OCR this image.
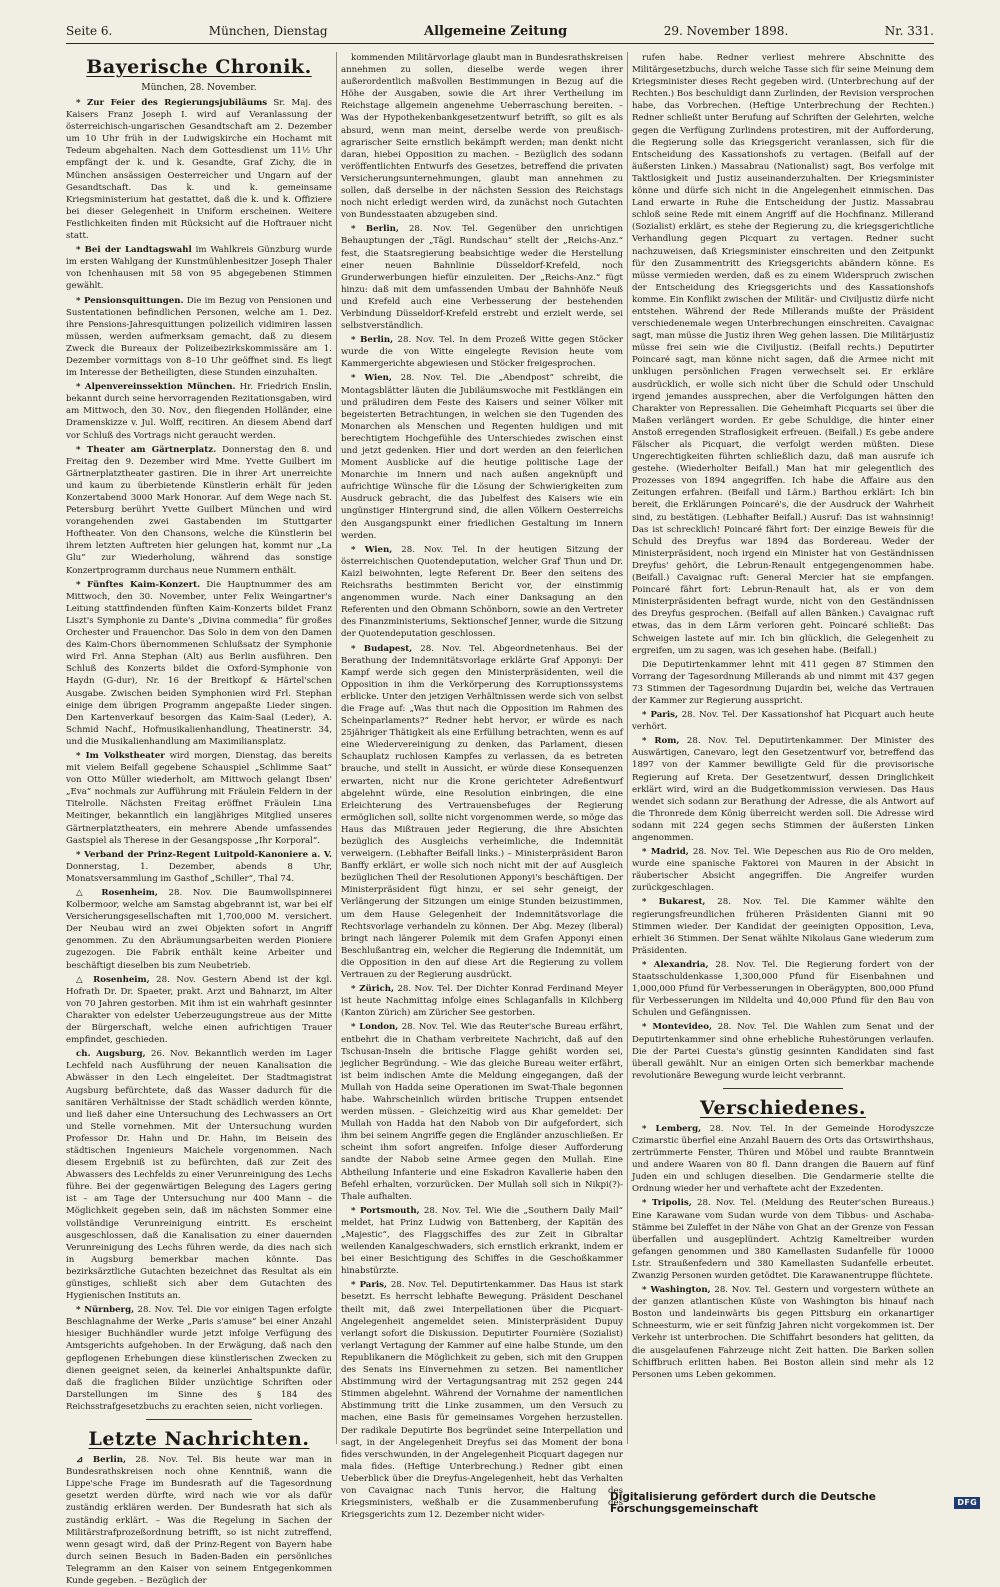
Seite 6.	München, Dienstag	Allgemeine Zeitung	29. November 1898.	Nr. 331.
Bayerische Chronik.
München, 28. November.

* Zur Feier des Regierungsjubiläums Sr. Maj. des Kaisers Franz Joseph I. wird auf Veranlassung der österreichisch-ungarischen Gesandtschaft am 2. Dezember um 10 Uhr früh in der Ludwigskirche ein Hochamt mit Tedeum abgehalten. Nach dem Gottesdienst um 11½ Uhr empfängt der k. und k. Gesandte, Graf Zichy, die in München ansässigen Oesterreicher und Ungarn auf der Gesandtschaft. Das k. und k. gemeinsame Kriegsministerium hat gestattet, daß die k. und k. Offiziere bei dieser Gelegenheit in Uniform erscheinen. Weitere Festlichkeiten finden mit Rücksicht auf die Hoftrauer nicht statt.

* Bei der Landtagswahl im Wahlkreis Günzburg wurde im ersten Wahlgang der Kunstmühlenbesitzer Joseph Thaler von Ichenhausen mit 58 von 95 abgegebenen Stimmen gewählt.

* Pensionsquittungen. Die im Bezug von Pensionen und Sustentationen befindlichen Personen, welche am 1. Dez. ihre Pensions-Jahresquittungen polizeilich vidimiren lassen müssen, werden aufmerksam gemacht, daß zu diesem Zweck die Bureaux der Polizeibezirkskommissäre am 1. Dezember vormittags von 8–10 Uhr geöffnet sind. Es liegt im Interesse der Betheiligten, diese Stunden einzuhalten.

* Alpenvereinssektion München. Hr. Friedrich Enslin, bekannt durch seine hervorragenden Rezitationsgaben, wird am Mittwoch, den 30. Nov., den fliegenden Holländer, eine Dramenskizze v. Jul. Wolff, recitiren. An diesem Abend darf vor Schluß des Vortrags nicht geraucht werden.

* Theater am Gärtnerplatz. Donnerstag den 8. und Freitag den 9. Dezember wird Mme. Yvette Guilbert im Gärtnerplatztheater gastiren. Die in ihrer Art unerreichte und kaum zu überbietende Künstlerin erhält für jeden Konzertabend 3000 Mark Honorar. Auf dem Wege nach St. Petersburg berührt Yvette Guilbert München und wird vorangehenden zwei Gastabenden im Stuttgarter Hoftheater. Von den Chansons, welche die Künstlerin bei ihrem letzten Auftreten hier gelungen hat, kommt nur „La Glu“ zur Wiederholung, während das sonstige Konzertprogramm durchaus neue Nummern enthält.

* Fünftes Kaim-Konzert. Die Hauptnummer des am Mittwoch, den 30. November, unter Felix Weingartner's Leitung stattfindenden fünften Kaim-Konzerts bildet Franz Liszt's Symphonie zu Dante's „Divina commedia“ für großes Orchester und Frauenchor. Das Solo in dem von den Damen des Kaim-Chors übernommenen Schlußsatz der Symphonie wird Frl. Anna Stephan (Alt) aus Berlin ausführen. Den Schluß des Konzerts bildet die Oxford-Symphonie von Haydn (G-dur), Nr. 16 der Breitkopf & Härtel'schen Ausgabe. Zwischen beiden Symphonien wird Frl. Stephan einige dem übrigen Programm angepaßte Lieder singen. Den Kartenverkauf besorgen das Kaim-Saal (Leder), A. Schmid Nachf., Hofmusikalienhandlung, Theatinerstr. 34, und die Musikalienhandlung am Maximiliansplatz.

* Im Volkstheater wird morgen, Dienstag, das bereits mit vielem Beifall gegebene Schauspiel „Schlimme Saat“ von Otto Müller wiederholt, am Mittwoch gelangt Ibsen' „Eva“ nochmals zur Aufführung mit Fräulein Feldern in der Titelrolle. Nächsten Freitag eröffnet Fräulein Lina Meitinger, bekanntlich ein langjähriges Mitglied unseres Gärtnerplatztheaters, ein mehrere Abende umfassendes Gastspiel als Therese in der Gesangsposse „Ihr Korporal“.

* Verband der Prinz-Regent Luitpold-Kanoniere a. V. Donnerstag, 1. Dezember, abends 8 Uhr, Monatsversammlung im Gasthof „Schiller“, Thal 74.

△ Rosenheim, 28. Nov. Die Baumwollspinnerei Kolbermoor, welche am Samstag abgebrannt ist, war bei elf Versicherungsgesellschaften mit 1,700,000 M. versichert. Der Neubau wird an zwei Objekten sofort in Angriff genommen. Zu den Abräumungsarbeiten werden Pioniere zugezogen. Die Fabrik enthält keine Arbeiter und beschäftigt dieselben bis zum Neubetrieb.

△ Rosenheim, 28. Nov. Gestern Abend ist der kgl. Hofrath Dr. Dr. Spaeter, prakt. Arzt und Bahnarzt, im Alter von 70 Jahren gestorben. Mit ihm ist ein wahrhaft gesinnter Charakter von edelster Ueberzeugungstreue aus der Mitte der Bürgerschaft, welche einen aufrichtigen Trauer empfindet, geschieden.

ch. Augsburg, 26. Nov. Bekanntlich werden im Lager Lechfeld nach Ausführung der neuen Kanalisation die Abwässer in den Lech eingeleitet. Der Stadtmagistrat Augsburg befürchtete, daß das Wasser dadurch für die sanitären Verhältnisse der Stadt schädlich werden könnte, und ließ daher eine Untersuchung des Lechwassers an Ort und Stelle vornehmen. Mit der Untersuchung wurden Professor Dr. Hahn und Dr. Hahn, im Beisein des städtischen Ingenieurs Maichele vorgenommen. Nach diesem Ergebniß ist zu befürchten, daß zur Zeit des Abwassers des Lechfelds zu einer Verunreinigung des Lechs führe. Bei der gegenwärtigen Belegung des Lagers gering ist – am Tage der Untersuchung nur 400 Mann – die Möglichkeit gegeben sein, daß im nächsten Sommer eine vollständige Verunreinigung eintritt. Es erscheint ausgeschlossen, daß die Kanalisation zu einer dauernden Verunreinigung des Lechs führen werde, da dies nach sich in Augsburg bemerkbar machen könnte. Das bezirksärztliche Gutachten bezeichnet das Resultat als ein günstiges, schließt sich aber dem Gutachten des Hygienischen Instituts an.

* Nürnberg, 28. Nov. Tel. Die vor einigen Tagen erfolgte Beschlagnahme der Werke „Paris s'amuse“ bei einer Anzahl hiesiger Buchhändler wurde jetzt infolge Verfügung des Amtsgerichts aufgehoben. In der Erwägung, daß nach den gepflogenen Erhebungen diese künstlerischen Zwecken zu dienen geeignet seien, da keinerlei Anhaltspunkte dafür, daß die fraglichen Bilder unzüchtige Schriften oder Darstellungen im Sinne des § 184 des Reichsstrafgesetzbuchs zu erachten seien, nicht vorliegen.

Letzte Nachrichten.

⊿ Berlin, 28. Nov. Tel. Bis heute war man in Bundesrathskreisen noch ohne Kenntniß, wann die Lippe'sche Frage im Bundesrath auf die Tagesordnung gesetzt werden dürfte, wird nach wie vor als dafür zuständig erklären werden. Der Bundesrath hat sich als zuständig erklärt. – Was die Regelung in Sachen der Militärstrafprozeßordnung betrifft, so ist nicht zutreffend, wenn gesagt wird, daß der Prinz-Regent von Bayern habe durch seinen Besuch in Baden-Baden ein persönliches Telegramm an den Kaiser von seinem Entgegenkommen Kunde gegeben. – Bezüglich der

kommenden Militärvorlage glaubt man in Bundesrathskreisen annehmen zu sollen, dieselbe werde wegen ihrer außerordentlich maßvollen Bestimmungen in Bezug auf die Höhe der Ausgaben, sowie die Art ihrer Vertheilung im Reichstage allgemein angenehme Ueberraschung bereiten. – Was der Hypothekenbankgesetzentwurf betrifft, so gilt es als absurd, wenn man meint, derselbe werde von preußisch-agrarischer Seite ernstlich bekämpft werden; man denkt nicht daran, hiebei Opposition zu machen. – Bezüglich des sodann veröffentlichten Entwurfs des Gesetzes, betreffend die privaten Versicherungsunternehmungen, glaubt man annehmen zu sollen, daß derselbe in der nächsten Session des Reichstags noch nicht erledigt werden wird, da zunächst noch Gutachten von Bundesstaaten abzugeben sind.

* Berlin, 28. Nov. Tel. Gegenüber den unrichtigen Behauptungen der „Tägl. Rundschau“ stellt der „Reichs-Anz.“ fest, die Staatsregierung beabsichtige weder die Herstellung einer neuen Bahnlinie Düsseldorf-Krefeld, noch Grunderwerbungen hiefür einzuleiten. Der „Reichs-Anz.“ fügt hinzu: daß mit dem umfassenden Umbau der Bahnhöfe Neuß und Krefeld auch eine Verbesserung der bestehenden Verbindung Düsseldorf-Krefeld erstrebt und erzielt werde, sei selbstverständlich.

* Berlin, 28. Nov. Tel. In dem Prozeß Witte gegen Stöcker wurde die von Witte eingelegte Revision heute vom Kammergerichte abgewiesen und Stöcker freigesprochen.

* Wien, 28. Nov. Tel. Die „Abendpost“ schreibt, die Montagsblätter läuten die Jubiläumswoche mit Festklängen ein und präludiren dem Feste des Kaisers und seiner Völker mit begeisterten Betrachtungen, in welchen sie den Tugenden des Monarchen als Menschen und Regenten huldigen und mit berechtigtem Hochgefühle des Unterschiedes zwischen einst und jetzt gedenken. Hier und dort werden an den feierlichen Moment Ausblicke auf die heutige politische Lage der Monarchie im Innern und nach außen angeknüpft und aufrichtige Wünsche für die Lösung der Schwierigkeiten zum Ausdruck gebracht, die das Jubelfest des Kaisers wie ein ungünstiger Hintergrund sind, die allen Völkern Oesterreichs den Ausgangspunkt einer friedlichen Gestaltung im Innern werden.

* Wien, 28. Nov. Tel. In der heutigen Sitzung der österreichischen Quotendeputation, welcher Graf Thun und Dr. Kaizl beiwohnten, legte Referent Dr. Beer den seitens des Reichsraths bestimmten Bericht vor, der einstimmig angenommen wurde. Nach einer Danksagung an den Referenten und den Obmann Schönborn, sowie an den Vertreter des Finanzministeriums, Sektionschef Jenner, wurde die Sitzung der Quotendeputation geschlossen.

* Budapest, 28. Nov. Tel. Abgeordnetenhaus. Bei der Berathung der Indemnitätsvorlage erklärte Graf Apponyi: Der Kampf werde sich gegen den Ministerpräsidenten, weil die Opposition in ihm die Verkörperung des Korruptionssystems erblicke. Unter den jetzigen Verhältnissen werde sich von selbst die Frage auf: „Was thut nach die Opposition im Rahmen des Scheinparlaments?“ Redner hebt hervor, er würde es nach 25jähriger Thätigkeit als eine Erfüllung betrachten, wenn es auf eine Wiedervereinigung zu denken, das Parlament, diesen Schauplatz ruchlosen Kampfes zu verlassen, da es betreten brauche, und stellt in Aussicht, er würde diese Konsequenzen erwarten, nicht nur die Krone gerichteter Adreßentwurf abgelehnt würde, eine Resolution einbringen, die eine Erleichterung des Vertrauensbefuges der Regierung ermöglichen soll, sollte nicht vorgenommen werde, so möge das Haus das Mißtrauen jeder Regierung, die ihre Absichten bezüglich des Ausgleichs verheimliche, die Indemnität verweigern. (Lebhafter Beifall links.) – Ministerpräsident Baron Banffy erklärt, er wolle sich noch nicht mit der auf Ausgleich bezüglichen Theil der Resolutionen Apponyi's beschäftigen. Der Ministerpräsident fügt hinzu, er sei sehr geneigt, der Verlängerung der Sitzungen um einige Stunden beizustimmen, um dem Hause Gelegenheit der Indemnitätsvorlage die Rechtsvorlage verhandeln zu können. Der Abg. Mezey (liberal) bringt nach längerer Polemik mit dem Grafen Apponyi einen Beschlußantrag ein, welcher die Regierung die Indemnität, um die Opposition in den auf diese Art die Regierung zu vollem Vertrauen zu der Regierung ausdrückt.

* Zürich, 28. Nov. Tel. Der Dichter Konrad Ferdinand Meyer ist heute Nachmittag infolge eines Schlaganfalls in Kilchberg (Kanton Zürich) am Züricher See gestorben.

* London, 28. Nov. Tel. Wie das Reuter'sche Bureau erfährt, entbehrt die in Chatham verbreitete Nachricht, daß auf den Tschusan-Inseln die britische Flagge gehißt worden sei, jeglicher Begründung. – Wie das gleiche Bureau weiter erfährt, ist beim indischen Amte die Meldung eingegangen, daß der Mullah von Hadda seine Operationen im Swat-Thale begonnen habe. Wahrscheinlich würden britische Truppen entsendet werden müssen. – Gleichzeitig wird aus Khar gemeldet: Der Mullah von Hadda hat den Nabob von Dir aufgefordert, sich ihm bei seinem Angriffe gegen die Engländer anzuschließen. Er scheint ihm sofort angreifen. Infolge dieser Aufforderung sandte der Nabob seine Armee gegen den Mullah. Eine Abtheilung Infanterie und eine Eskadron Kavallerie haben den Befehl erhalten, vorzurücken. Der Mullah soll sich in Nikpi(?)-Thale aufhalten.

* Portsmouth, 28. Nov. Tel. Wie die „Southern Daily Mail“ meldet, hat Prinz Ludwig von Battenberg, der Kapitän des „Majestic“, des Flaggschiffes des zur Zeit in Gibraltar weilenden Kanalgeschwaders, sich ernstlich erkrankt, indem er bei einer Besichtigung des Schiffes in die Geschoßkammer hinabstürzte.

* Paris, 28. Nov. Tel. Deputirtenkammer. Das Haus ist stark besetzt. Es herrscht lebhafte Bewegung. Präsident Deschanel theilt mit, daß zwei Interpellationen über die Picquart-Angelegenheit angemeldet seien. Ministerpräsident Dupuy verlangt sofort die Diskussion. Deputirter Fournière (Sozialist) verlangt Vertagung der Kammer auf eine halbe Stunde, um den Republikanern die Möglichkeit zu geben, sich mit den Gruppen des Senats ins Einvernehmen zu setzen. Bei namentlicher Abstimmung wird der Vertagungsantrag mit 252 gegen 244 Stimmen abgelehnt. Während der Vornahme der namentlichen Abstimmung tritt die Linke zusammen, um den Versuch zu machen, eine Basis für gemeinsames Vorgehen herzustellen. Der radikale Deputirte Bos begründet seine Interpellation und sagt, in der Angelegenheit Dreyfus sei das Moment der bona fides verschwunden, in der Angelegenheit Picquart dagegen nur mala fides. (Heftige Unterbrechung.) Redner gibt einen Ueberblick über die Dreyfus-Angelegenheit, hebt das Verhalten von Cavaignac nach Tunis hervor, die Haltung des Kriegsministers, weßhalb er die Zusammenberufung des Kriegsgerichts zum 12. Dezember nicht wider-

rufen habe. Redner verliest mehrere Abschnitte des Militärgesetzbuchs, durch welche Tasse sich für seine Meinung dem Kriegsminister dieses Recht gegeben wird. (Unterbrechung auf der Rechten.) Bos beschuldigt dann Zurlinden, der Revision versprochen habe, das Vorbrechen. (Heftige Unterbrechung der Rechten.) Redner schließt unter Berufung auf Schriften der Gelehrten, welche gegen die Verfügung Zurlindens protestiren, mit der Aufforderung, die Regierung solle das Kriegsgericht veranlassen, sich für die Entscheidung des Kassationshofs zu vertagen. (Beifall auf der äußersten Linken.) Massabrau (Nationalist) sagt, Bos verfolge mit Taktlosigkeit und Justiz auseinanderzuhalten. Der Kriegsminister könne und dürfe sich nicht in die Angelegenheit einmischen. Das Land erwarte in Ruhe die Entscheidung der Justiz. Massabrau schloß seine Rede mit einem Angriff auf die Hochfinanz. Millerand (Sozialist) erklärt, es stehe der Regierung zu, die kriegsgerichtliche Verhandlung gegen Picquart zu vertagen. Redner sucht nachzuweisen, daß Kriegsminister einschreiten und den Zeitpunkt für den Zusammentritt des Kriegsgerichts abändern könne. Es müsse vermieden werden, daß es zu einem Widerspruch zwischen der Entscheidung des Kriegsgerichts und des Kassationshofs komme. Ein Konflikt zwischen der Militär- und Civiljustiz dürfe nicht entstehen. Während der Rede Millerands mußte der Präsident verschiedenemale wegen Unterbrechungen einschreiten. Cavaignac sagt, man müsse die Justiz ihren Weg gehen lassen. Die Militärjustiz müsse frei sein wie die Civiljustiz. (Beifall rechts.) Deputirter Poincaré sagt, man könne nicht sagen, daß die Armee nicht mit unklugen persönlichen Fragen verwechselt sei. Er erkläre ausdrücklich, er wolle sich nicht über die Schuld oder Unschuld irgend jemandes aussprechen, aber die Verfolgungen hätten den Charakter von Repressalien. Die Geheimhaft Picquarts sei über die Maßen verlängert worden. Er gebe Schuldige, die hinter einer Anstoß erregenden Straflosigkeit erfreuen. (Beifall.) Es gebe andere Fälscher als Picquart, die verfolgt werden müßten. Diese Ungerechtigkeiten führten schließlich dazu, daß man ausrufe ich gestehe. (Wiederholter Beifall.) Man hat mir gelegentlich des Prozesses von 1894 angegriffen. Ich habe die Affaire aus den Zeitungen erfahren. (Beifall und Lärm.) Barthou erklärt: Ich bin bereit, die Erklärungen Poincaré's, die der Ausdruck der Wahrheit sind, zu bestätigen. (Lebhafter Beifall.) Ausruf: Das ist wahnsinnig! Das ist schrecklich! Poincaré fährt fort: Der einzige Beweis für die Schuld des Dreyfus war 1894 das Bordereau. Weder der Ministerpräsident, noch irgend ein Minister hat von Geständnissen Dreyfus' gehört, die Lebrun-Renault entgegengenommen habe. (Beifall.) Cavaignac ruft: General Mercier hat sie empfangen. Poincaré fährt fort: Lebrun-Renault hat, als er von dem Ministerpräsidenten befragt wurde, nicht von den Geständnissen des Dreyfus gesprochen. (Beifall auf allen Bänken.) Cavaignac ruft etwas, das in dem Lärm verloren geht. Poincaré schließt: Das Schweigen lastete auf mir. Ich bin glücklich, die Gelegenheit zu ergreifen, um zu sagen, was ich gesehen habe. (Beifall.)

Die Deputirtenkammer lehnt mit 411 gegen 87 Stimmen den Vorrang der Tagesordnung Millerands ab und nimmt mit 437 gegen 73 Stimmen der Tagesordnung Dujardin bei, welche das Vertrauen der Kammer zur Regierung ausspricht.

* Paris, 28. Nov. Tel. Der Kassationshof hat Picquart auch heute verhört.

* Rom, 28. Nov. Tel. Deputirtenkammer. Der Minister des Auswärtigen, Canevaro, legt den Gesetzentwurf vor, betreffend das 1897 von der Kammer bewilligte Geld für die provisorische Regierung auf Kreta. Der Gesetzentwurf, dessen Dringlichkeit erklärt wird, wird an die Budgetkommission verwiesen. Das Haus wendet sich sodann zur Berathung der Adresse, die als Antwort auf die Thronrede dem König überreicht werden soll. Die Adresse wird sodann mit 224 gegen sechs Stimmen der äußersten Linken angenommen.

* Madrid, 28. Nov. Tel. Wie Depeschen aus Rio de Oro melden, wurde eine spanische Faktorei von Mauren in der Absicht in räuberischer Absicht angegriffen. Die Angreifer wurden zurückgeschlagen.

* Bukarest, 28. Nov. Tel. Die Kammer wählte den regierungsfreundlichen früheren Präsidenten Gianni mit 90 Stimmen wieder. Der Kandidat der geeinigten Opposition, Leva, erhielt 36 Stimmen. Der Senat wählte Nikolaus Gane wiederum zum Präsidenten.

* Alexandria, 28. Nov. Tel. Die Regierung fordert von der Staatsschuldenkasse 1,300,000 Pfund für Eisenbahnen und 1,000,000 Pfund für Verbesserungen in Oberägypten, 800,000 Pfund für Verbesserungen im Nildelta und 40,000 Pfund für den Bau von Schulen und Gefängnissen.

* Montevideo, 28. Nov. Tel. Die Wahlen zum Senat und der Deputirtenkammer sind ohne erhebliche Ruhestörungen verlaufen. Die der Partei Cuesta's günstig gesinnten Kandidaten sind fast überall gewählt. Nur an einigen Orten sich bemerkbar machende revolutionäre Bewegung wurde leicht verbrannt.

Verschiedenes.

* Lemberg, 28. Nov. Tel. In der Gemeinde Horodyszcze Czimarstic überfiel eine Anzahl Bauern des Orts das Ortswirthshaus, zertrümmerte Fenster, Thüren und Möbel und raubte Branntwein und andere Waaren von 80 fl. Dann drangen die Bauern auf fünf Juden ein und schlugen dieselben. Die Gendarmerie stellte die Ordnung wieder her und verhaftete acht der Exzedenten.

* Tripolis, 28. Nov. Tel. (Meldung des Reuter'schen Bureaus.) Eine Karawane vom Sudan wurde von dem Tibbus- und Aschaba-Stämme bei Zuleffet in der Nähe von Ghat an der Grenze von Fessan überfallen und ausgeplündert. Achtzig Kameltreiber wurden gefangen genommen und 380 Kamellasten Sudanfelle für 10000 Lstr. Straußenfedern und 380 Kamellasten Sudanfelle erbeutet. Zwanzig Personen wurden getödtet. Die Karawanentruppe flüchtete.

* Washington, 28. Nov. Tel. Gestern und vorgestern wüthete an der ganzen atlantischen Küste von Washington bis hinauf nach Boston und landeinwärts bis gegen Pittsburg ein orkanartiger Schneesturm, wie er seit fünfzig Jahren nicht vorgekommen ist. Der Verkehr ist unterbrochen. Die Schiffahrt besonders hat gelitten, da die ausgelaufenen Fahrzeuge nicht Zeit hatten. Die Barken sollen Schiffbruch erlitten haben. Bei Boston allein sind mehr als 12 Personen ums Leben gekommen.

Digitalisierung gefördert durch die Deutsche Forschungsgemeinschaft
DFG
